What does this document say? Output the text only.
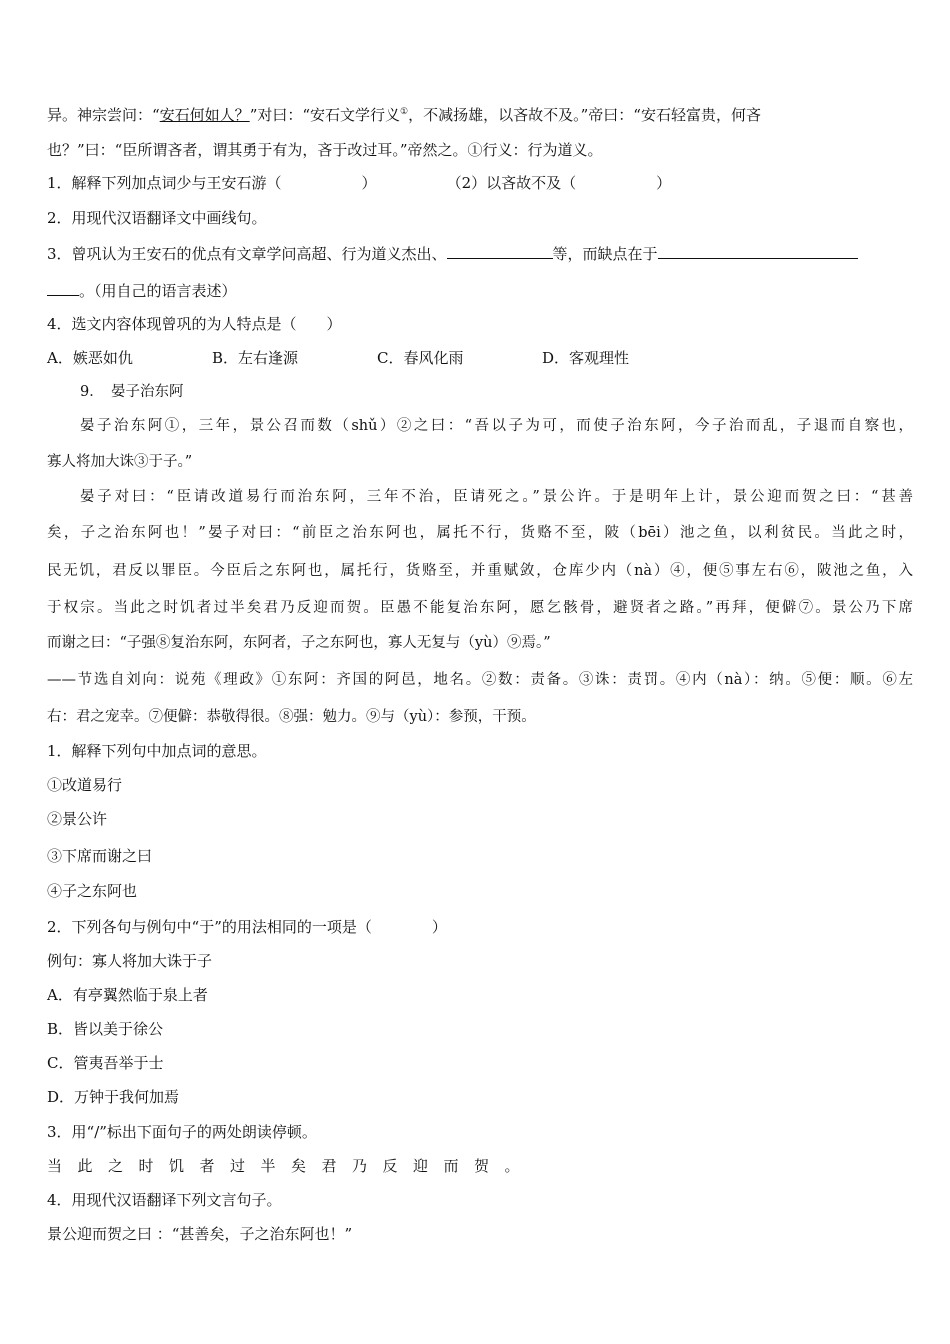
异。神宗尝问：“安石何如人？”对曰：“安石文学行义①，不减扬雄，以吝故不及。”帝曰：“安石轻富贵，何吝
也？”曰：“臣所谓吝者，谓其勇于有为，吝于改过耳。”帝然之。①行义：行为道义。
1．解释下列加点词少与王安石游（	）	（2）以吝故不及（	）
2．用现代汉语翻译文中画线句。
3．曾巩认为王安石的优点有文章学问高超、行为道义杰出、	等，而缺点在于
。（用自己的语言表述）
4．选文内容体现曾巩的为人特点是（　　）
A．嫉恶如仇	B．左右逢源	C．春风化雨	D．客观理性
9．　晏子治东阿
晏子治东阿①，三年，景公召而数（shǔ）②之曰：“吾以子为可，而使子治东阿，今子治而乱，子退而自察也，
寡人将加大诛③于子。”
晏子对曰：“臣请改道易行而治东阿，三年不治，臣请死之。”景公许。于是明年上计，景公迎而贺之曰：“甚善
矣，子之治东阿也！”晏子对曰：“前臣之治东阿也，属托不行，货赂不至，陂（bēi）池之鱼，以利贫民。当此之时，
民无饥，君反以罪臣。今臣后之东阿也，属托行，货赂至，并重赋敛，仓库少内（nà）④，便⑤事左右⑥，陂池之鱼，入
于权宗。当此之时饥者过半矣君乃反迎而贺。臣愚不能复治东阿，愿乞骸骨，避贤者之路。”再拜，便僻⑦。景公乃下席
而谢之曰：“子强⑧复治东阿，东阿者，子之东阿也，寡人无复与（yù）⑨焉。”
——节选自刘向：说苑《理政》①东阿：齐国的阿邑，地名。②数：责备。③诛：责罚。④内（nà）：纳。⑤便：顺。⑥左
右：君之宠幸。⑦便僻：恭敬得很。⑧强：勉力。⑨与（yù）：参预，干预。
1．解释下列句中加点词的意思。
①改道易行
②景公许
③下席而谢之曰
④子之东阿也
2．下列各句与例句中“于”的用法相同的一项是（　　　　）
例句：寡人将加大诛于子
A．有亭翼然临于泉上者
B．皆以美于徐公
C．管夷吾举于士
D．万钟于我何加焉
3．用“/”标出下面句子的两处朗读停顿。
当此之时饥者过半矣君乃反迎而贺。
4．用现代汉语翻译下列文言句子。
景公迎而贺之曰 ：“甚善矣，子之治东阿也！”
